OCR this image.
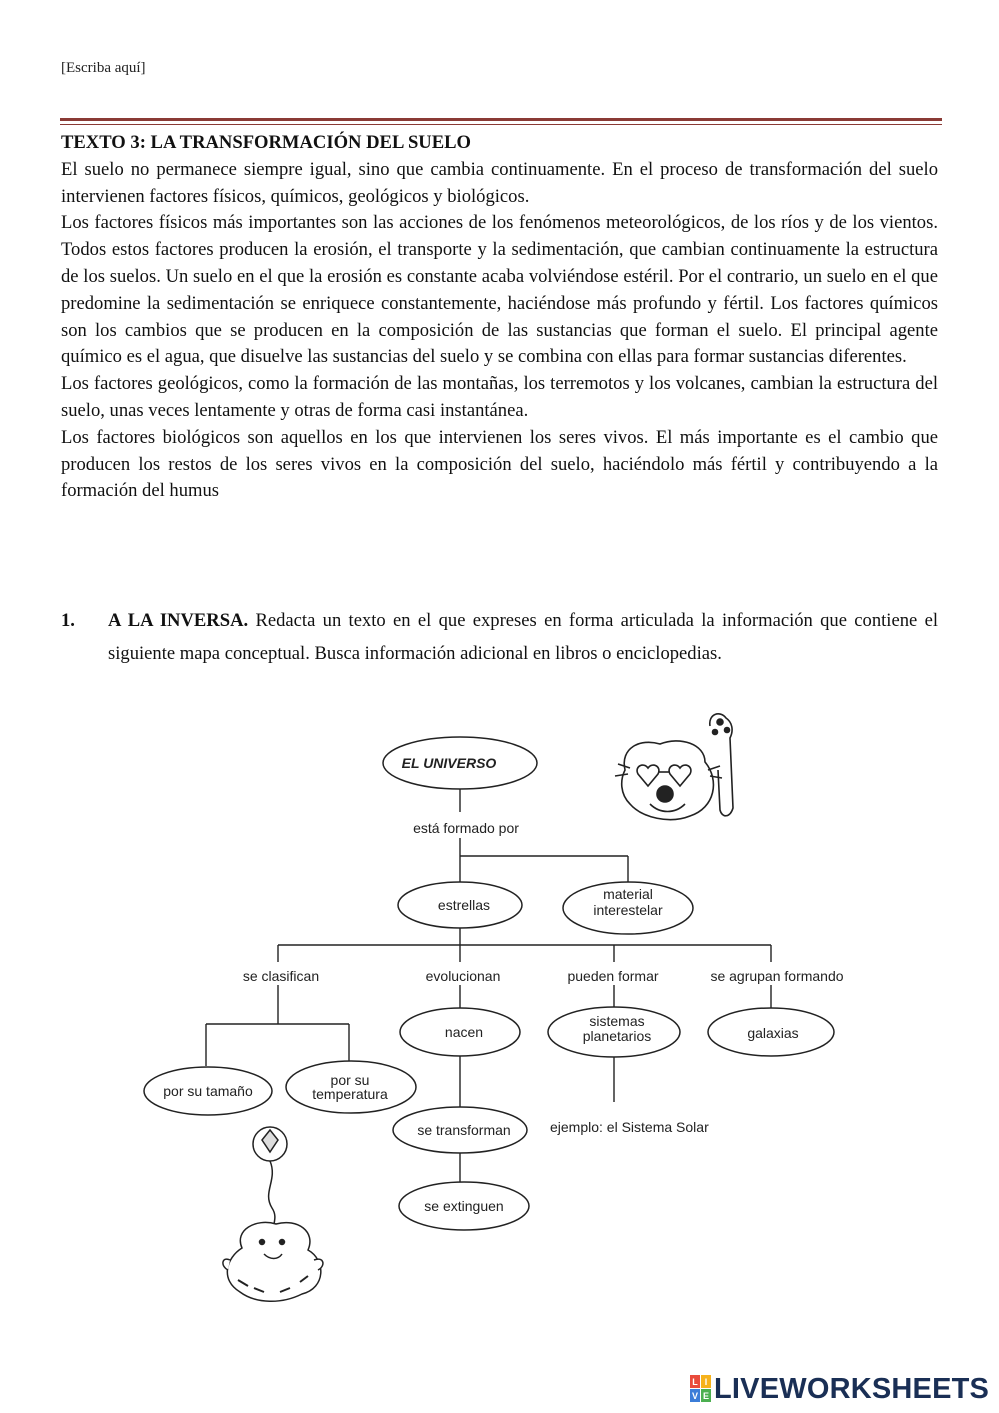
[Escriba aquí]
TEXTO 3: LA TRANSFORMACIÓN DEL SUELO

El suelo no permanece siempre igual, sino que cambia continuamente. En el proceso de transformación del suelo intervienen factores físicos, químicos, geológicos y biológicos.

Los factores físicos más importantes son las acciones de los fenómenos meteorológicos, de los ríos y de los vientos. Todos estos factores producen la erosión, el transporte y la sedimentación, que cambian continuamente la estructura de los suelos. Un suelo en el que la erosión es constante acaba volviéndose estéril. Por el contrario, un suelo en el que predomine la sedimentación se enriquece constantemente, haciéndose más profundo y fértil. Los factores químicos son los cambios que se producen en la composición de las sustancias que forman el suelo. El principal agente químico es el agua, que disuelve las sustancias del suelo y se combina con ellas para formar sustancias diferentes.

Los factores geológicos, como la formación de las montañas, los terremotos y los volcanes, cambian la estructura del suelo, unas veces lentamente y otras de forma casi instantánea.

Los factores biológicos son aquellos en los que intervienen los seres vivos. El más importante es el cambio que producen los restos de los seres vivos en la composición del suelo, haciéndolo más fértil y contribuyendo a la formación del humus

1. A LA INVERSA. Redacta un texto en el que expreses en forma articulada la información que contiene el siguiente mapa conceptual. Busca información adicional en libros o enciclopedias.
EL UNIVERSO
está formado por
estrellas
material
interestelar
se clasifican	evolucionan	pueden formar	se agrupan formando
nacen
sistemas
planetarios	galaxias
por su tamaño
por su
temperatura
se transforman	ejemplo: el Sistema Solar
se extinguen
L I
V E LIVEWORKSHEETS
